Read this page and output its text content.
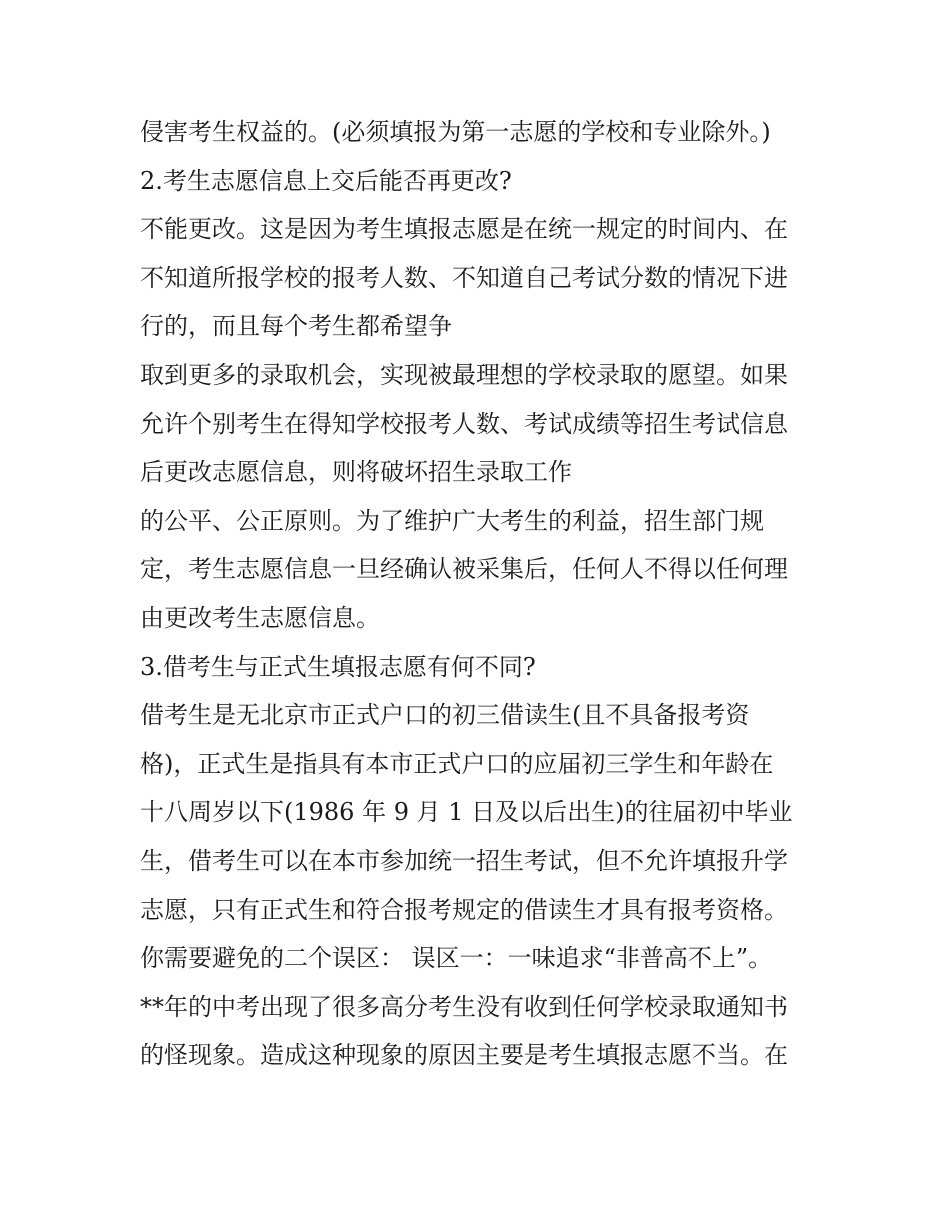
侵害考生权益的。(必须填报为第一志愿的学校和专业除外。)

2.考生志愿信息上交后能否再更改?

不能更改。这是因为考生填报志愿是在统一规定的时间内、在

不知道所报学校的报考人数、不知道自己考试分数的情况下进

行的，而且每个考生都希望争

取到更多的录取机会，实现被最理想的学校录取的愿望。如果

允许个别考生在得知学校报考人数、考试成绩等招生考试信息

后更改志愿信息，则将破坏招生录取工作

的公平、公正原则。为了维护广大考生的利益，招生部门规

定，考生志愿信息一旦经确认被采集后，任何人不得以任何理

由更改考生志愿信息。

3.借考生与正式生填报志愿有何不同?

借考生是无北京市正式户口的初三借读生(且不具备报考资

格)，正式生是指具有本市正式户口的应届初三学生和年龄在

十八周岁以下(1986 年 9 月 1 日及以后出生)的往届初中毕业

生，借考生可以在本市参加统一招生考试，但不允许填报升学

志愿，只有正式生和符合报考规定的借读生才具有报考资格。

你需要避免的二个误区： 误区一：一味追求“非普高不上”。

**年的中考出现了很多高分考生没有收到任何学校录取通知书

的怪现象。造成这种现象的原因主要是考生填报志愿不当。在
